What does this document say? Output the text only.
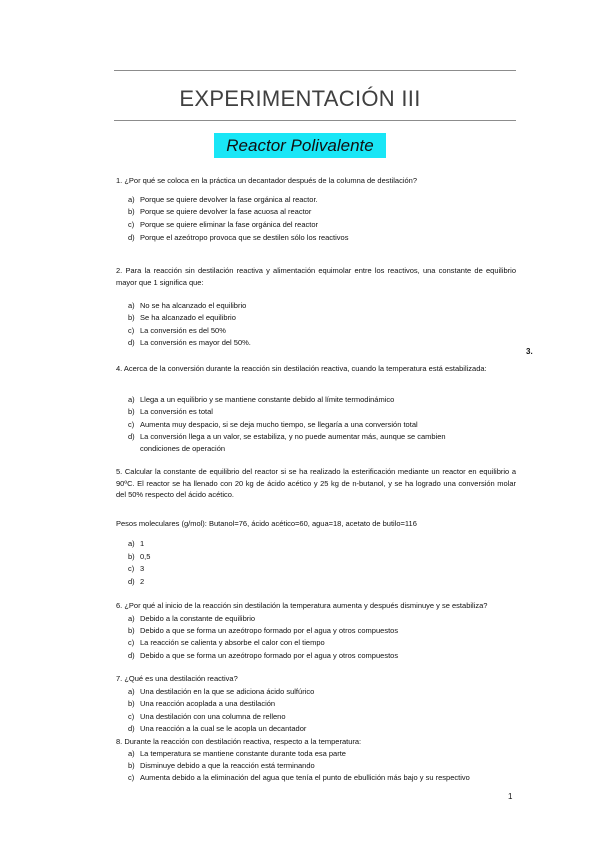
EXPERIMENTACIÓN III
Reactor Polivalente
1. ¿Por qué se coloca en la práctica un decantador después de la columna de destilación?
a) Porque se quiere devolver la fase orgánica al reactor.
b) Porque se quiere devolver la fase acuosa al reactor
c) Porque se quiere eliminar la fase orgánica del reactor
d) Porque el azeótropo provoca que se destilen sólo los reactivos
2. Para la reacción sin destilación reactiva y alimentación equimolar entre los reactivos, una constante de equilibrio mayor que 1 significa que:
a) No se ha alcanzado el equilibrio
b) Se ha alcanzado el equilibrio
c) La conversión es del 50%
d) La conversión es mayor del 50%.
3.
4. Acerca de la conversión durante la reacción sin destilación reactiva, cuando la temperatura está estabilizada:
a) Llega a un equilibrio y se mantiene constante debido al límite termodinámico
b) La conversión es total
c) Aumenta muy despacio, si se deja mucho tiempo, se llegaría a una conversión total
d) La conversión llega a un valor, se estabiliza, y no puede aumentar más, aunque se cambien
condiciones de operación
5. Calcular la constante de equilibrio del reactor si se ha realizado la esterificación mediante un reactor en equilibrio a 90ºC. El reactor se ha llenado con 20 kg de ácido acético y 25 kg de n-butanol, y se ha logrado una conversión molar del 50% respecto del ácido acético.
Pesos moleculares (g/mol): Butanol=76, ácido acético=60, agua=18, acetato de butilo=116
a) 1
b) 0,5
c) 3
d) 2
6. ¿Por qué al inicio de la reacción sin destilación la temperatura aumenta y después disminuye y se estabiliza?
a) Debido a la constante de equilibrio
b) Debido a que se forma un azeótropo formado por el agua y otros compuestos
c) La reacción se calienta y absorbe el calor con el tiempo
d) Debido a que se forma un azeótropo formado por el agua y otros compuestos
7. ¿Qué es una destilación reactiva?
a) Una destilación en la que se adiciona ácido sulfúrico
b) Una reacción acoplada a una destilación
c) Una destilación con una columna de relleno
d) Una reacción a la cual se le acopla un decantador
8. Durante la reacción con destilación reactiva, respecto a la temperatura:
a) La temperatura se mantiene constante durante toda esa parte
b) Disminuye debido a que la reacción está terminando
c) Aumenta debido a la eliminación del agua que tenía el punto de ebullición más bajo y su respectivo
1
